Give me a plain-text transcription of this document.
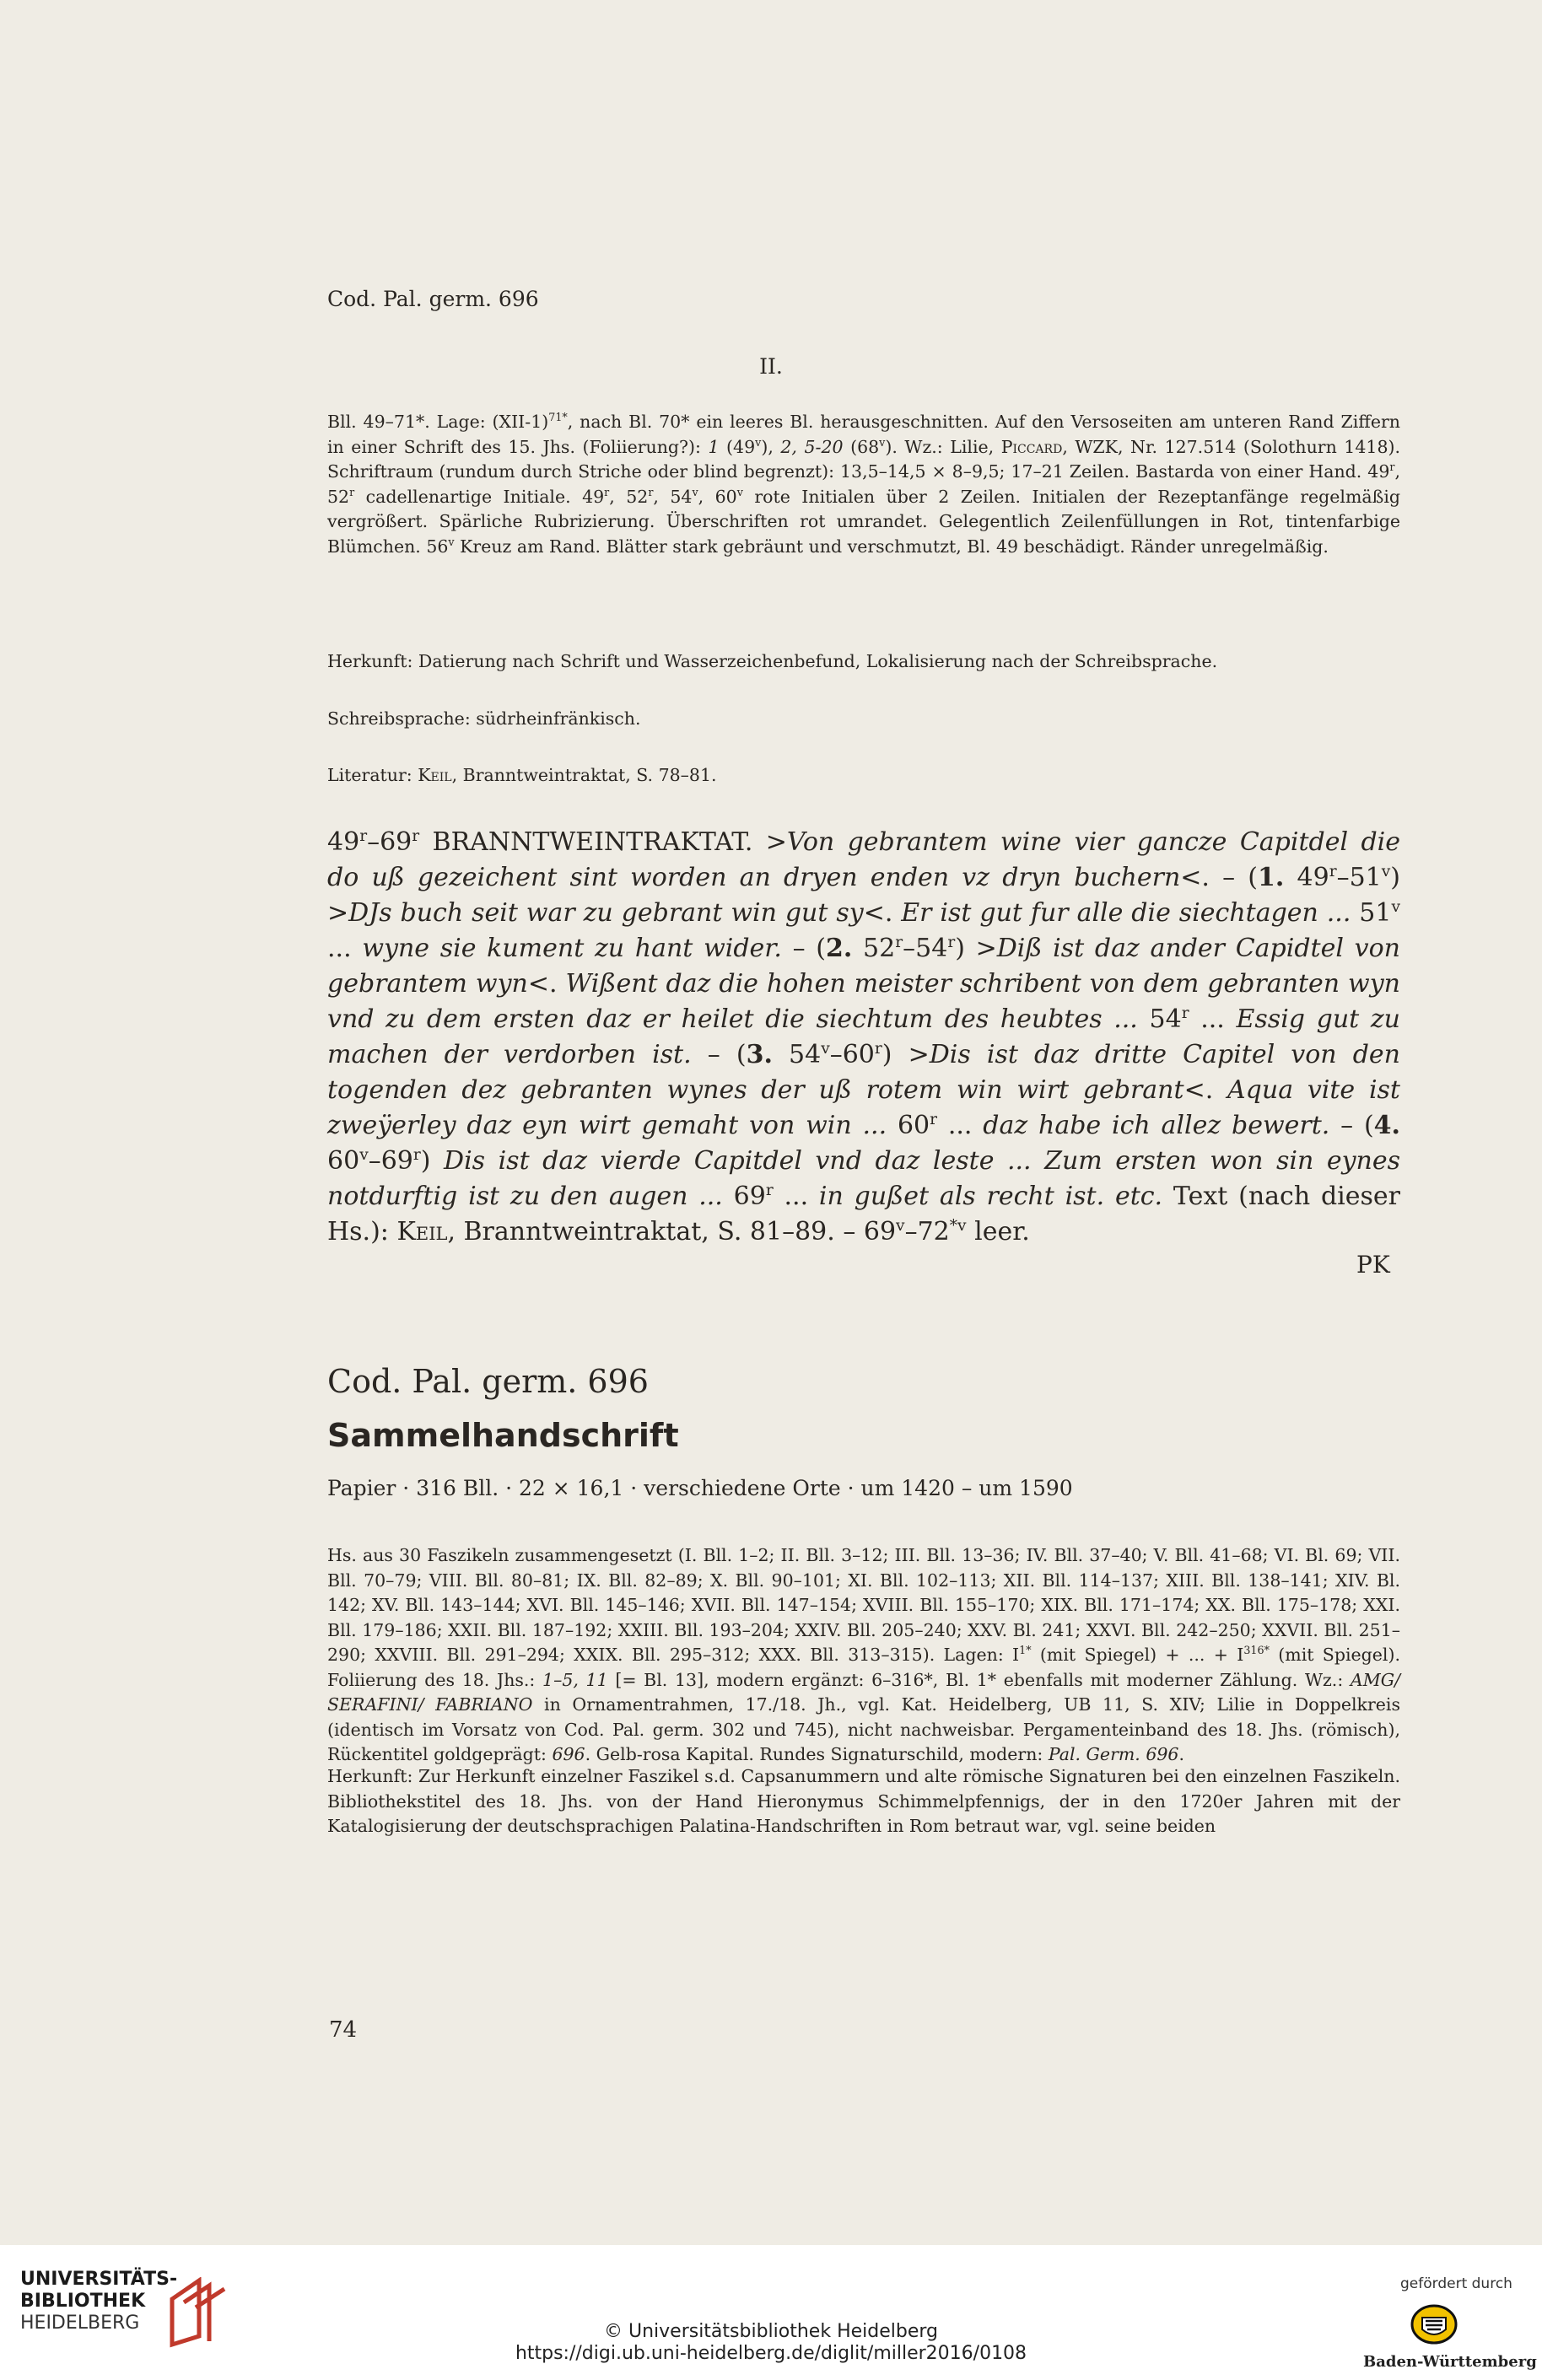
Cod. Pal. germ. 696
II.

Bll. 49–71*. Lage: $(XII-1)^{71*}$, nach Bl. 70* ein leeres Bl. herausgeschnitten. Auf den Versoseiten am unteren Rand Ziffern in einer Schrift des 15. Jhs. (Foliierung?): 1 (49$^v$), 2, 5-20 (68$^v$). Wz.: Lilie, Piccard, WZK, Nr. 127.514 (Solothurn 1418). Schriftraum (rundum durch Striche oder blind begrenzt): 13,5–14,5 × 8–9,5; 17–21 Zeilen. Bastarda von einer Hand. 49$^r$, 52$^r$ cadellenartige Initiale. 49$^r$, 52$^r$, 54$^v$, 60$^v$ rote Initialen über 2 Zeilen. Initialen der Rezeptanfänge regelmäßig vergrößert. Spärliche Rubrizierung. Überschriften rot umrandet. Gelegentlich Zeilenfüllungen in Rot, tintenfarbige Blümchen. 56$^v$ Kreuz am Rand. Blätter stark gebräunt und verschmutzt, Bl. 49 beschädigt. Ränder unregelmäßig.

Herkunft: Datierung nach Schrift und Wasserzeichenbefund, Lokalisierung nach der Schreibsprache.

Schreibsprache: südrheinfränkisch.

Literatur: Keil, Branntweintraktat, S. 78–81.

49$^r$–69$^r$ BRANNTWEINTRAKTAT. >Von gebrantem wine vier gancze Capitdel die do uß gezeichent sint worden an dryen enden vz dryn buchern<. – (1. $49^r-51^v) >DJs$ buch seit war zu gebrant win gut sy<. Er ist gut fur alle die siechtagen ... 51$^v$ ... wyne sie kument zu hant wider. – (2. $52^r-54^r$) >Diß ist daz ander Capidtel von gebrantem wyn<. Wißent daz die hohen meister schribent von dem gebranten wyn vnd zu dem ersten daz er heilet die siechtum des heubtes ... 54$^r$ ... Essig gut zu machen der verdorben ist. – (3. $54^v-60^r) >Dis$ ist daz dritte Capitel von den togenden dez gebranten wynes der uß rotem win wirt gebrant<. Aqua vite ist zweÿerley daz eyn wirt gemaht von win ... 60$^r$ ... daz habe ich allez bewert. – (4. 60$^v$–69$^r$) Dis ist daz vierde Capitdel vnd daz leste ... Zum ersten won sin eynes notdurftig ist zu den augen ... 69$^r$ ... in gußet als recht ist. etc. Text (nach dieser Hs.): Keil, Branntweintraktat, S. 81–89. – 69$^v$–72$^{*v}$ leer.

PK
Cod. Pal. germ. 696
Sammelhandschrift
Papier · 316 Bll. · 22 × 16,1 · verschiedene Orte · um 1420 – um 1590

Hs. aus 30 Faszikeln zusammengesetzt (I. Bll. 1–2; II. Bll. 3–12; III. Bll. 13–36; IV. Bll. 37–40; V. Bll. 41–68; VI. Bl. 69; VII. Bll. 70–79; VIII. Bll. 80–81; IX. Bll. 82–89; X. Bll. 90–101; XI. Bll. 102–113; XII. Bll. 114–137; XIII. Bll. 138–141; XIV. Bl. 142; XV. Bll. 143–144; XVI. Bll. 145–146; XVII. Bll. 147–154; XVIII. Bll. 155–170; XIX. Bll. 171–174; XX. Bll. 175–178; XXI. Bll. 179–186; XXII. Bll. 187–192; XXIII. Bll. 193–204; XXIV. Bll. 205–240; XXV. Bl. 241; XXVI. Bll. 242–250; XXVII. Bll. 251–290; XXVIII. Bll. 291–294; XXIX. Bll. 295–312; XXX. Bll. 313–315). Lagen: $I^{1*}$ (mit Spiegel) + ... + $I^{316*}$ (mit Spiegel). Foliierung des 18. Jhs.: 1–5, 11 [= Bl. 13], modern ergänzt: 6–316*, Bl. 1* ebenfalls mit moderner Zählung. Wz.: AMG/ SERAFINI/ FABRIANO in Ornamentrahmen, 17./18. Jh., vgl. Kat. Heidelberg, UB 11, S. XIV; Lilie in Doppelkreis (identisch im Vorsatz von Cod. Pal. germ. 302 und 745), nicht nachweisbar. Pergamenteinband des 18. Jhs. (römisch), Rückentitel goldgeprägt: 696. Gelb-rosa Kapital. Rundes Signaturschild, modern: Pal. Germ. 696.

Herkunft: Zur Herkunft einzelner Faszikel s.d. Capsanummern und alte römische Signaturen bei den einzelnen Faszikeln. Bibliothekstitel des 18. Jhs. von der Hand Hieronymus Schimmelpfennigs, der in den 1720er Jahren mit der Katalogisierung der deutschsprachigen Palatina-Handschriften in Rom betraut war, vgl. seine beiden

74
UNIVERSITÄTS-
BIBLIOTHEK
HEIDELBERG	© Universitätsbibliothek Heidelberg
https://digi.ub.uni-heidelberg.de/diglit/miller2016/0108
gefördert durch
Baden-Württemberg
